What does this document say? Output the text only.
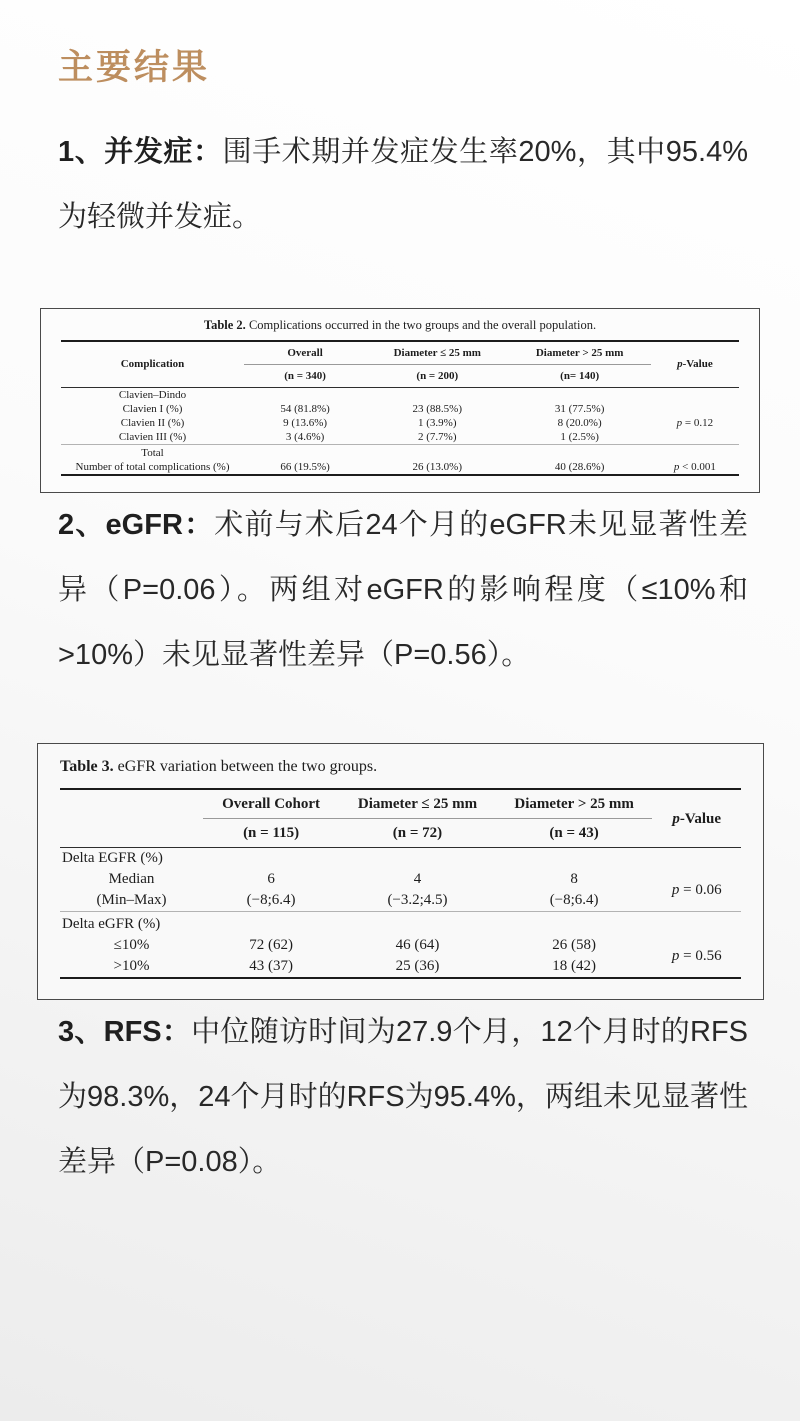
主要结果

1、并发症：围手术期并发症发生率20%，其中95.4%为轻微并发症。

Table 2. Complications occurred in the two groups and the overall population.
Complication	Overall	Diameter ≤ 25 mm	Diameter > 25 mm	p-Value

	(n = 340)	(n = 200)	(n= 140)	
Clavien–Dindo				
Clavien I (%)	54 (81.8%)	23 (88.5%)	31 (77.5%)	
Clavien II (%)	9 (13.6%)	1 (3.9%)	8 (20.0%)	p = 0.12

Clavien III (%)	3 (4.6%)	2 (7.7%)	1 (2.5%)	
Total				
Number of total complications (%)	66 (19.5%)	26 (13.0%)	40 (28.6%)	p < 0.001

2、eGFR：术前与术后24个月的eGFR未见显著性差异（P=0.06）。两组对eGFR的影响程度（≤10%和>10%）未见显著性差异（P=0.56）。

Table 3. eGFR variation between the two groups.
	Overall Cohort	Diameter ≤ 25 mm	Diameter > 25 mm	p-Value

	(n = 115)	(n = 72)	(n = 43)	
Delta EGFR (%)				
Median	6	4	8	p = 0.06

(Min–Max)	(−8;6.4)	(−3.2;4.5)	(−8;6.4)	
Delta eGFR (%)				
≤10%	72 (62)	46 (64)	26 (58)	p = 0.56

>10%	43 (37)	25 (36)	18 (42)	

3、RFS：中位随访时间为27.9个月，12个月时的RFS为98.3%，24个月时的RFS为95.4%，两组未见显著性差异（P=0.08）。
